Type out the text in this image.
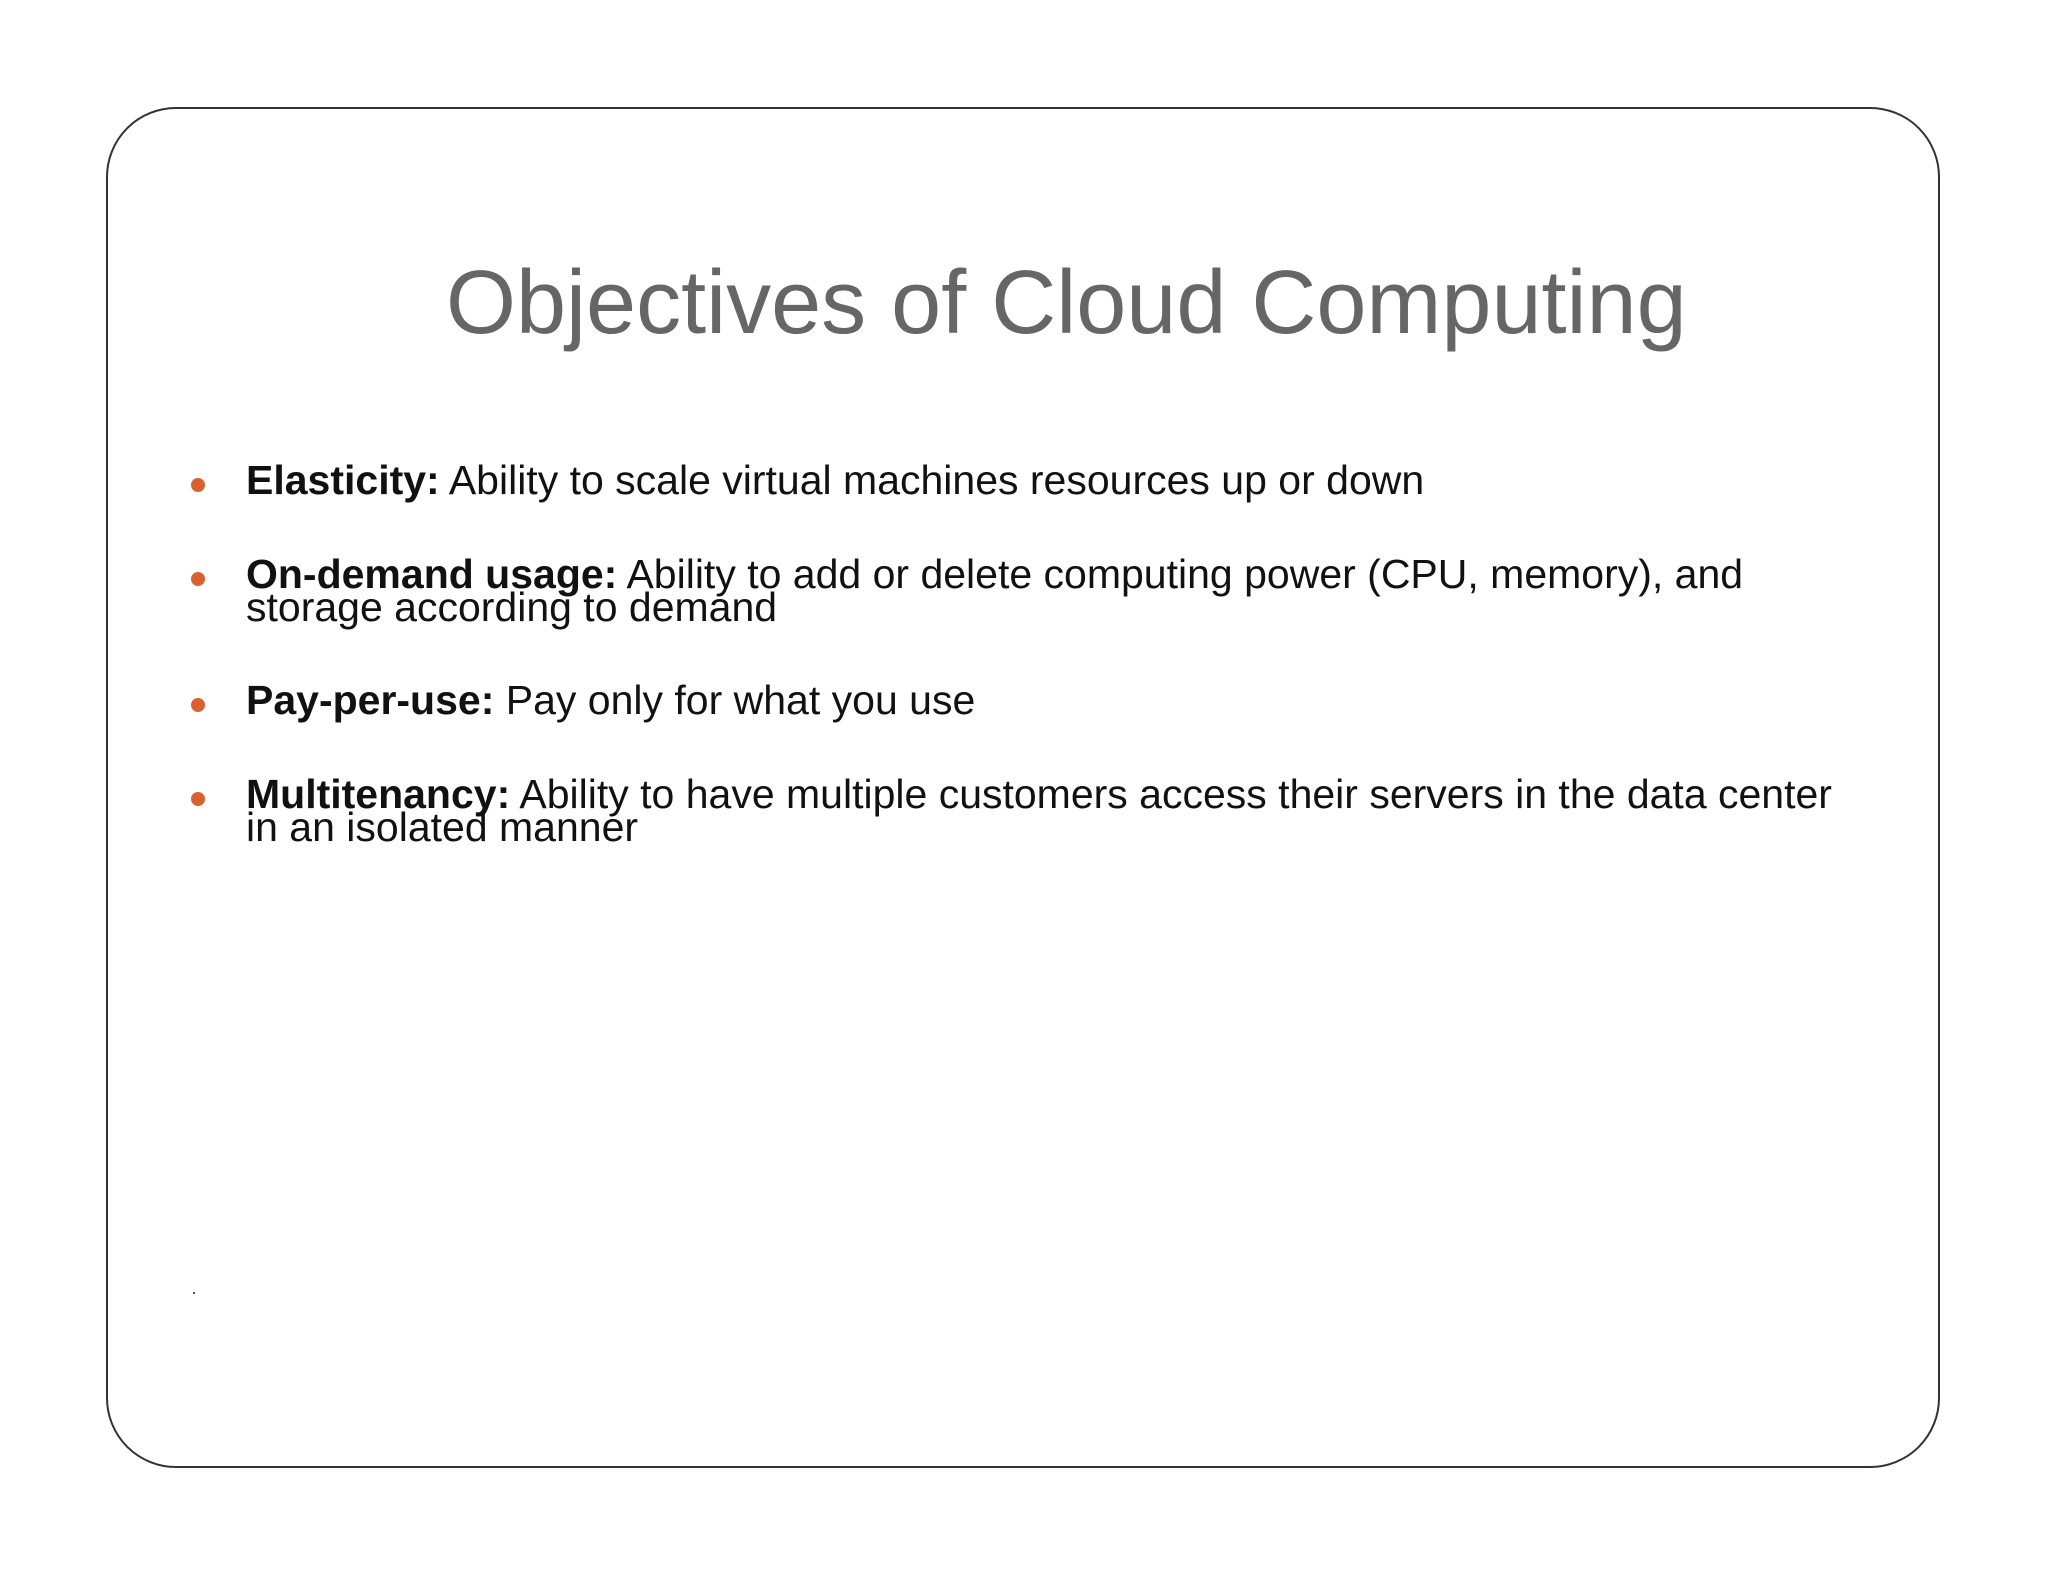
Objectives of Cloud Computing
Elasticity: Ability to scale virtual machines resources up or down
On-demand usage: Ability to add or delete computing power (CPU, memory), and storage according to demand
Pay-per-use: Pay only for what you use
Multitenancy: Ability to have multiple customers access their servers in the data center in an isolated manner
